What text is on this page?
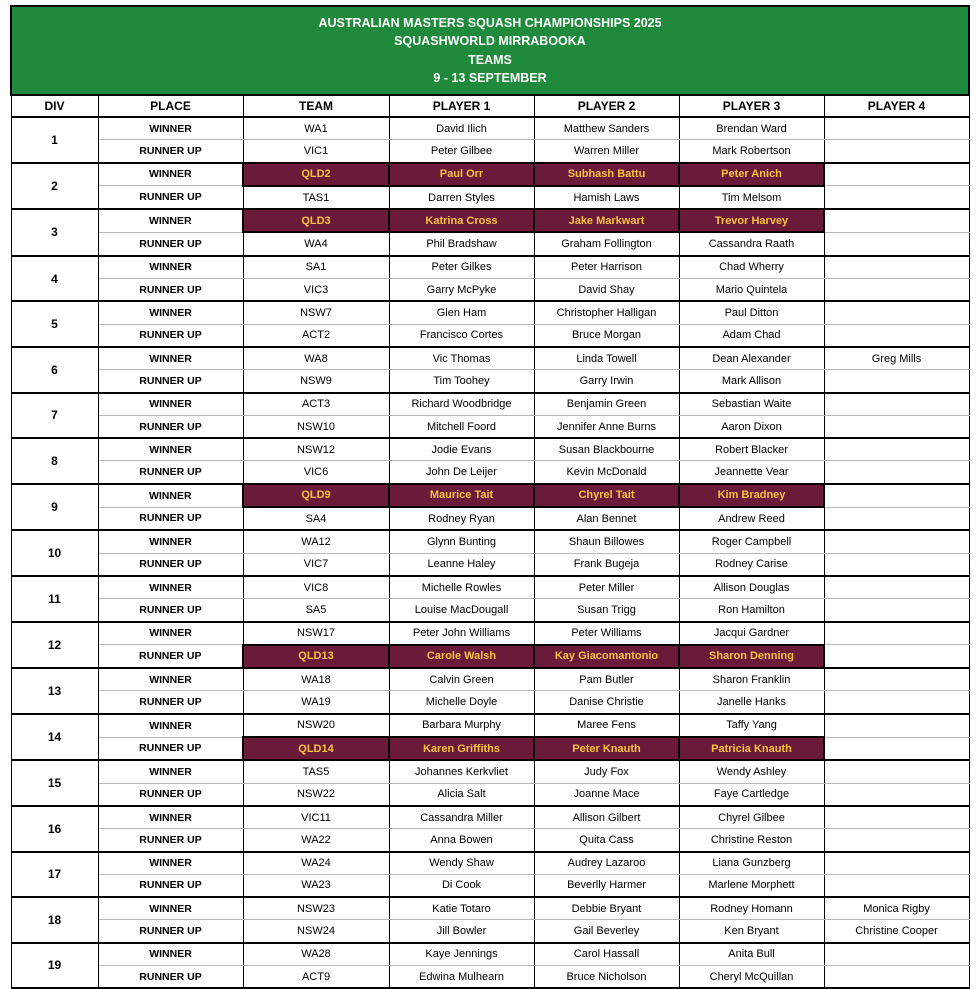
AUSTRALIAN MASTERS SQUASH CHAMPIONSHIPS 2025
SQUASHWORLD MIRRABOOKA
TEAMS
9 - 13 SEPTEMBER						

DIV	PLACE	TEAM	PLAYER 1	PLAYER 2	PLAYER 3	PLAYER 4
1	WINNER	WA1	David Ilich	Matthew Sanders	Brendan Ward	
	RUNNER UP	VIC1	Peter Gilbee	Warren Miller	Mark Robertson	
2	WINNER	QLD2	Paul Orr	Subhash Battu	Peter Anich	
	RUNNER UP	TAS1	Darren Styles	Hamish Laws	Tim Melsom	
3	WINNER	QLD3	Katrina Cross	Jake Markwart	Trevor Harvey	
	RUNNER UP	WA4	Phil Bradshaw	Graham Follington	Cassandra Raath	
4	WINNER	SA1	Peter Gilkes	Peter Harrison	Chad Wherry	
	RUNNER UP	VIC3	Garry McPyke	David Shay	Mario Quintela	
5	WINNER	NSW7	Glen Ham	Christopher Halligan	Paul Ditton	
	RUNNER UP	ACT2	Francisco Cortes	Bruce Morgan	Adam Chad	
6	WINNER	WA8	Vic Thomas	Linda Towell	Dean Alexander	Greg Mills
	RUNNER UP	NSW9	Tim Toohey	Garry Irwin	Mark Allison	
7	WINNER	ACT3	Richard Woodbridge	Benjamin Green	Sebastian Waite	
	RUNNER UP	NSW10	Mitchell Foord	Jennifer Anne Burns	Aaron Dixon	
8	WINNER	NSW12	Jodie Evans	Susan Blackbourne	Robert Blacker	
	RUNNER UP	VIC6	John De Leijer	Kevin McDonald	Jeannette Vear	
9	WINNER	QLD9	Maurice Tait	Chyrel Tait	Kim Bradney	
	RUNNER UP	SA4	Rodney Ryan	Alan Bennet	Andrew Reed	
10	WINNER	WA12	Glynn Bunting	Shaun Billowes	Roger Campbell	
	RUNNER UP	VIC7	Leanne Haley	Frank Bugeja	Rodney Carise	
11	WINNER	VIC8	Michelle Rowles	Peter Miller	Allison Douglas	
	RUNNER UP	SA5	Louise MacDougall	Susan Trigg	Ron Hamilton	
12	WINNER	NSW17	Peter John Williams	Peter Williams	Jacqui Gardner	
	RUNNER UP	QLD13	Carole Walsh	Kay Giacomantonio	Sharon Denning	
13	WINNER	WA18	Calvin Green	Pam Butler	Sharon Franklin	
	RUNNER UP	WA19	Michelle Doyle	Danise Christie	Janelle Hanks	
14	WINNER	NSW20	Barbara Murphy	Maree Fens	Taffy Yang	
	RUNNER UP	QLD14	Karen Griffiths	Peter Knauth	Patricia Knauth	
15	WINNER	TAS5	Johannes Kerkvliet	Judy Fox	Wendy Ashley	
	RUNNER UP	NSW22	Alicia Salt	Joanne Mace	Faye Cartledge	
16	WINNER	VIC11	Cassandra Miller	Allison Gilbert	Chyrel Gilbee	
	RUNNER UP	WA22	Anna Bowen	Quita Cass	Christine Reston	
17	WINNER	WA24	Wendy Shaw	Audrey Lazaroo	Liana Gunzberg	
	RUNNER UP	WA23	Di Cook	Beverlly Harmer	Marlene Morphett	
18	WINNER	NSW23	Katie Totaro	Debbie Bryant	Rodney Homann	Monica Rigby
	RUNNER UP	NSW24	Jill Bowler	Gail Beverley	Ken Bryant	Christine Cooper
19	WINNER	WA28	Kaye Jennings	Carol Hassall	Anita Bull	
	RUNNER UP	ACT9	Edwina Mulhearn	Bruce Nicholson	Cheryl McQuillan	
